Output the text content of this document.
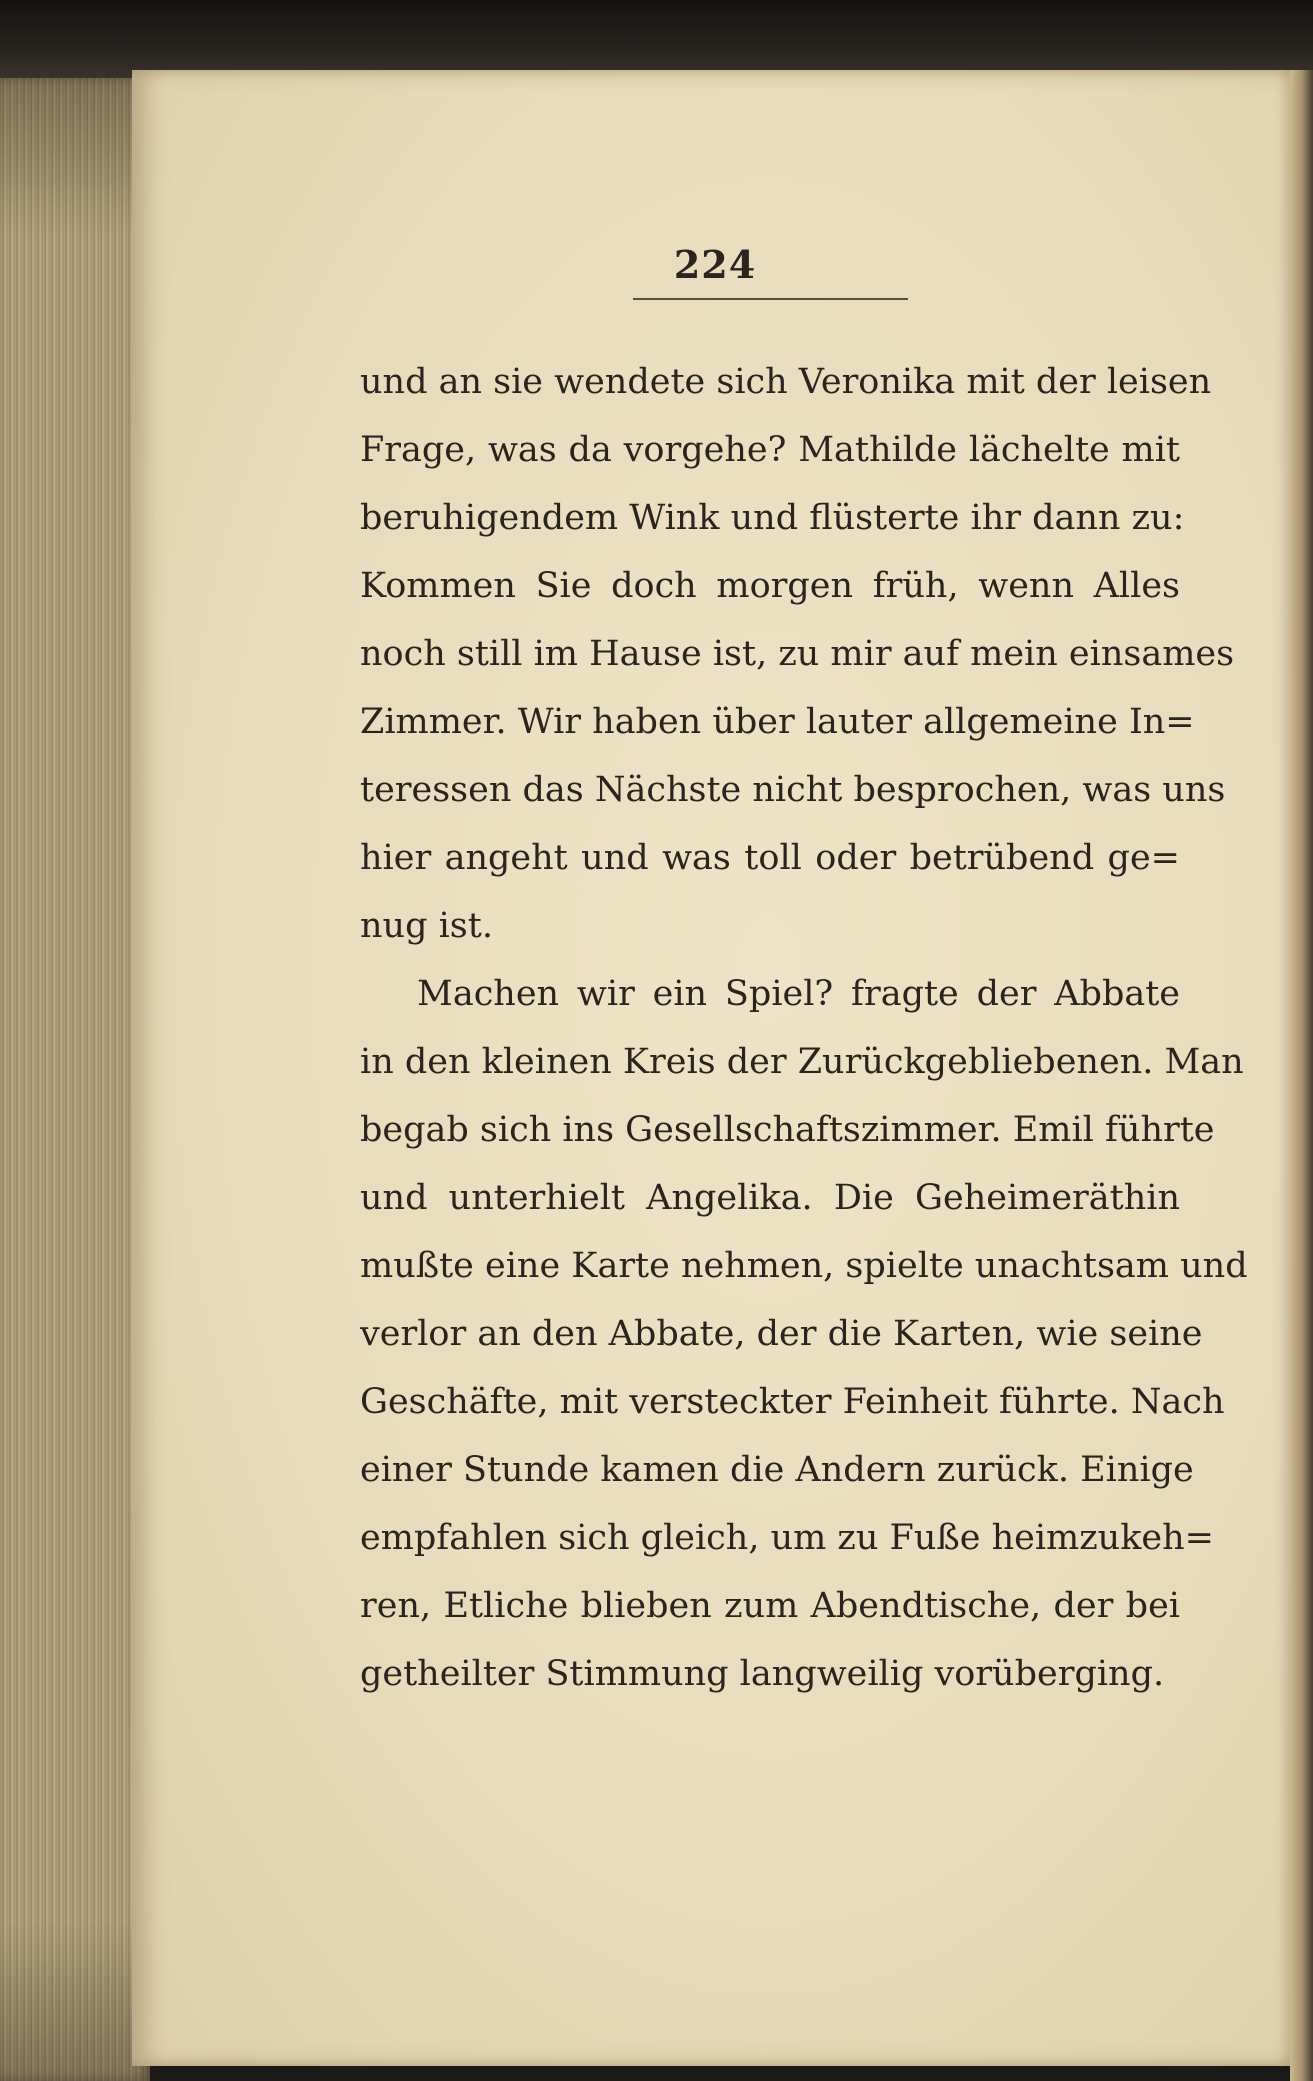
224
und an sie wendete sich Veronika mit der leisen
Frage, was da vorgehe? Mathilde lächelte mit
beruhigendem Wink und flüsterte ihr dann zu:
Kommen Sie doch morgen früh, wenn Alles
noch still im Hause ist, zu mir auf mein einsames
Zimmer. Wir haben über lauter allgemeine In=
teressen das Nächste nicht besprochen, was uns
hier angeht und was toll oder betrübend ge=
nug ist.
Machen wir ein Spiel? fragte der Abbate
in den kleinen Kreis der Zurückgebliebenen. Man
begab sich ins Gesellschaftszimmer. Emil führte
und unterhielt Angelika. Die Geheimeräthin
mußte eine Karte nehmen, spielte unachtsam und
verlor an den Abbate, der die Karten, wie seine
Geschäfte, mit versteckter Feinheit führte. Nach
einer Stunde kamen die Andern zurück. Einige
empfahlen sich gleich, um zu Fuße heimzukeh=
ren, Etliche blieben zum Abendtische, der bei
getheilter Stimmung langweilig vorüberging.
